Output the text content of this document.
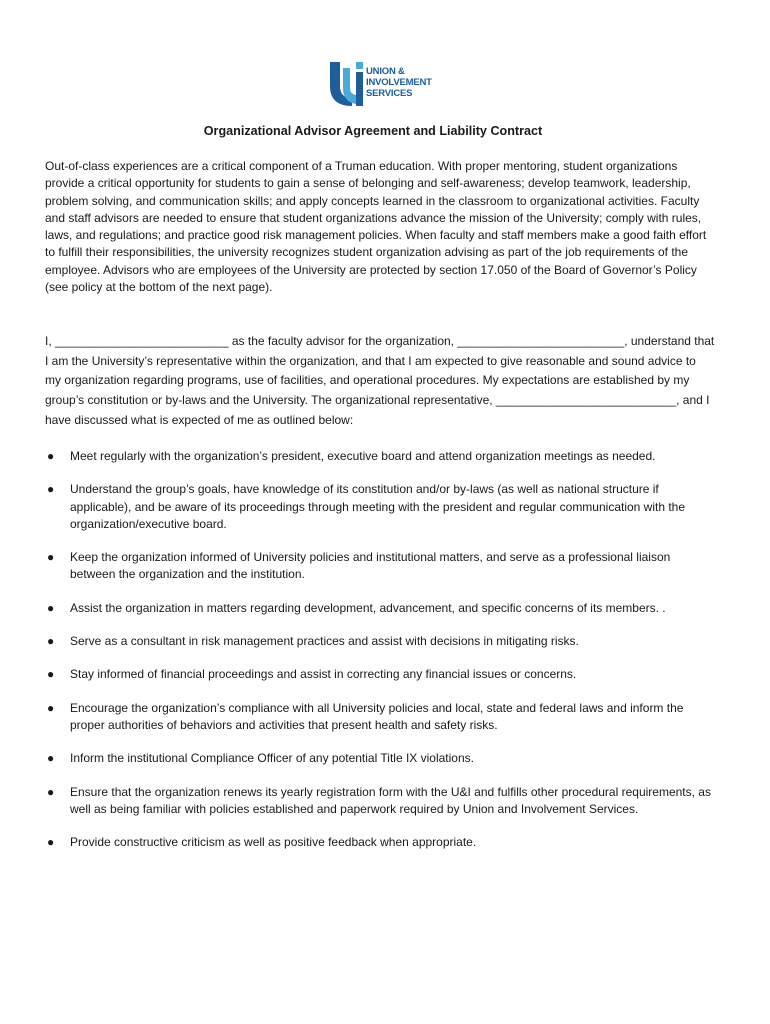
UNION &
INVOLVEMENT
SERVICES
Organizational Advisor Agreement and Liability Contract
Out-of-class experiences are a critical component of a Truman education. With proper mentoring, student organizations provide a critical opportunity for students to gain a sense of belonging and self-awareness; develop teamwork, leadership, problem solving, and communication skills; and apply concepts learned in the classroom to organizational activities. Faculty and staff advisors are needed to ensure that student organizations advance the mission of the University; comply with rules, laws, and regulations; and practice good risk management policies. When faculty and staff members make a good faith effort to fulfill their responsibilities, the university recognizes student organization advising as part of the job requirements of the employee. Advisors who are employees of the University are protected by section 17.050 of the Board of Governor’s Policy (see policy at the bottom of the next page).
I, __________________________ as the faculty advisor for the organization, _________________________, understand that I am the University’s representative within the organization, and that I am expected to give reasonable and sound advice to my organization regarding programs, use of facilities, and operational procedures. My expectations are established by my group’s constitution or by-laws and the University. The organizational representative, ___________________________, and I have discussed what is expected of me as outlined below:
● Meet regularly with the organization’s president, executive board and attend organization meetings as needed.
● Understand the group’s goals, have knowledge of its constitution and/or by-laws (as well as national structure if applicable), and be aware of its proceedings through meeting with the president and regular communication with the organization/executive board.
● Keep the organization informed of University policies and institutional matters, and serve as a professional liaison between the organization and the institution.
● Assist the organization in matters regarding development, advancement, and specific concerns of its members. .
● Serve as a consultant in risk management practices and assist with decisions in mitigating risks.
● Stay informed of financial proceedings and assist in correcting any financial issues or concerns.
● Encourage the organization’s compliance with all University policies and local, state and federal laws and inform the proper authorities of behaviors and activities that present health and safety risks.
● Inform the institutional Compliance Officer of any potential Title IX violations.
● Ensure that the organization renews its yearly registration form with the U&I and fulfills other procedural requirements, as well as being familiar with policies established and paperwork required by Union and Involvement Services.
● Provide constructive criticism as well as positive feedback when appropriate.
